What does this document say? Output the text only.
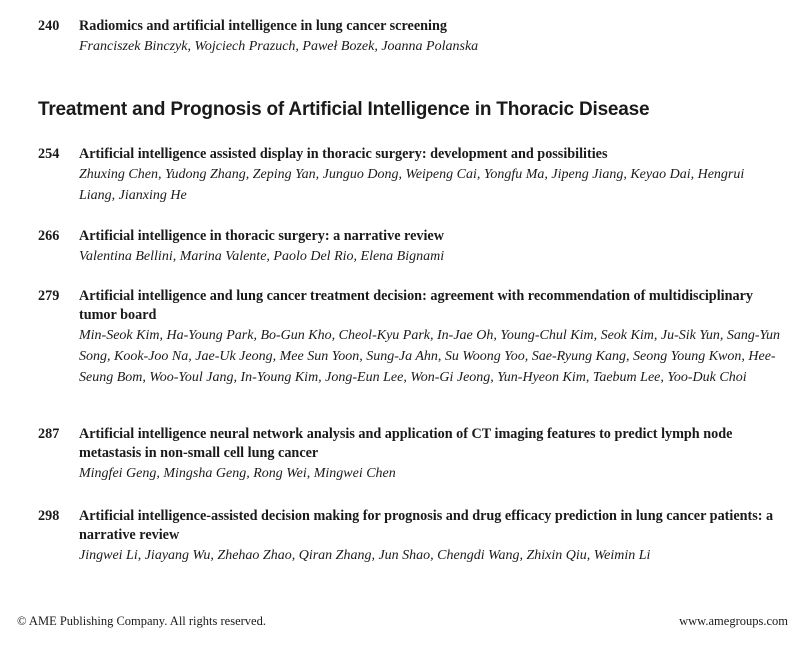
240	Radiomics and artificial intelligence in lung cancer screening
Franciszek Binczyk, Wojciech Prazuch, Paweł Bozek, Joanna Polanska
Treatment and Prognosis of Artificial Intelligence in Thoracic Disease
254	Artificial intelligence assisted display in thoracic surgery: development and possibilities
Zhuxing Chen, Yudong Zhang, Zeping Yan, Junguo Dong, Weipeng Cai, Yongfu Ma, Jipeng Jiang, Keyao Dai, Hengrui Liang, Jianxing He
266	Artificial intelligence in thoracic surgery: a narrative review
Valentina Bellini, Marina Valente, Paolo Del Rio, Elena Bignami
279	Artificial intelligence and lung cancer treatment decision: agreement with recommendation of multidisciplinary tumor board
Min-Seok Kim, Ha-Young Park, Bo-Gun Kho, Cheol-Kyu Park, In-Jae Oh, Young-Chul Kim, Seok Kim, Ju-Sik Yun, Sang-Yun Song, Kook-Joo Na, Jae-Uk Jeong, Mee Sun Yoon, Sung-Ja Ahn, Su Woong Yoo, Sae-Ryung Kang, Seong Young Kwon, Hee-Seung Bom, Woo-Youl Jang, In-Young Kim, Jong-Eun Lee, Won-Gi Jeong, Yun-Hyeon Kim, Taebum Lee, Yoo-Duk Choi
287	Artificial intelligence neural network analysis and application of CT imaging features to predict lymph node metastasis in non-small cell lung cancer
Mingfei Geng, Mingsha Geng, Rong Wei, Mingwei Chen
298	Artificial intelligence-assisted decision making for prognosis and drug efficacy prediction in lung cancer patients: a narrative review
Jingwei Li, Jiayang Wu, Zhehao Zhao, Qiran Zhang, Jun Shao, Chengdi Wang, Zhixin Qiu, Weimin Li
© AME Publishing Company. All rights reserved.	www.amegroups.com
